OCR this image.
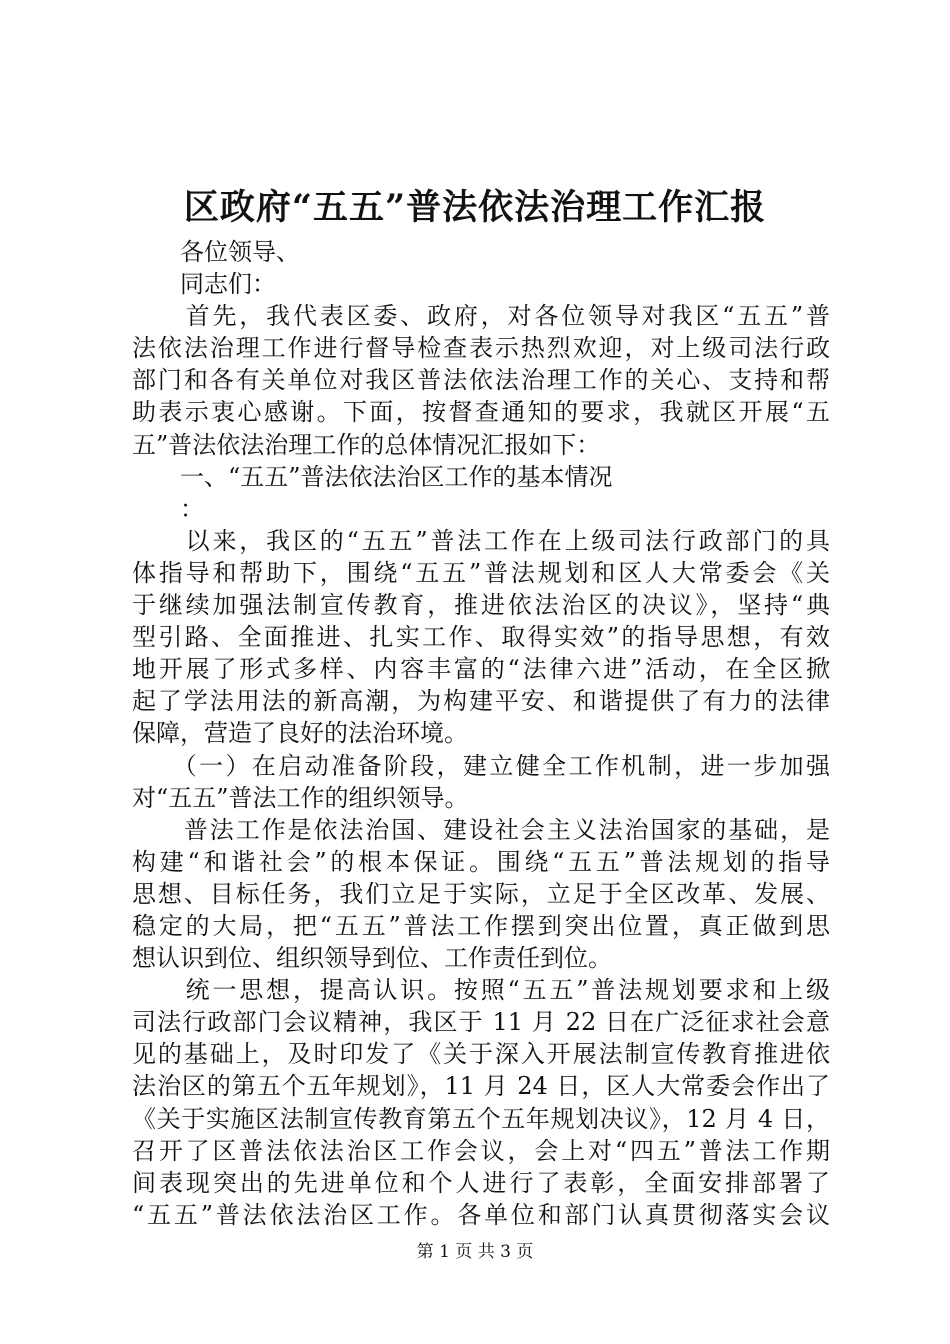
区政府“五五”普法依法治理工作汇报
　　各位领导、
　　同志们：
　　首先，我代表区委、政府，对各位领导对我区“五五”普
法依法治理工作进行督导检查表示热烈欢迎，对上级司法行政
部门和各有关单位对我区普法依法治理工作的关心、支持和帮
助表示衷心感谢。下面，按督查通知的要求，我就区开展“五
五”普法依法治理工作的总体情况汇报如下：
　　一、“五五”普法依法治区工作的基本情况
　　：
　　以来，我区的“五五”普法工作在上级司法行政部门的具
体指导和帮助下，围绕“五五”普法规划和区人大常委会《关
于继续加强法制宣传教育，推进依法治区的决议》，坚持“典
型引路、全面推进、扎实工作、取得实效”的指导思想，有效
地开展了形式多样、内容丰富的“法律六进”活动，在全区掀
起了学法用法的新高潮，为构建平安、和谐提供了有力的法律
保障，营造了良好的法治环境。
　　（一）在启动准备阶段，建立健全工作机制，进一步加强
对“五五”普法工作的组织领导。
　　普法工作是依法治国、建设社会主义法治国家的基础，是
构建“和谐社会”的根本保证。围绕“五五”普法规划的指导
思想、目标任务，我们立足于实际，立足于全区改革、发展、
稳定的大局，把“五五”普法工作摆到突出位置，真正做到思
想认识到位、组织领导到位、工作责任到位。
　　统一思想，提高认识。按照“五五”普法规划要求和上级
司法行政部门会议精神，我区于 11 月 22 日在广泛征求社会意
见的基础上，及时印发了《关于深入开展法制宣传教育推进依
法治区的第五个五年规划》，11 月 24 日，区人大常委会作出了
《关于实施区法制宣传教育第五个五年规划决议》，12 月 4 日，
召开了区普法依法治区工作会议，会上对“四五”普法工作期
间表现突出的先进单位和个人进行了表彰，全面安排部署了
“五五”普法依法治区工作。各单位和部门认真贯彻落实会议
第 1 页 共 3 页
